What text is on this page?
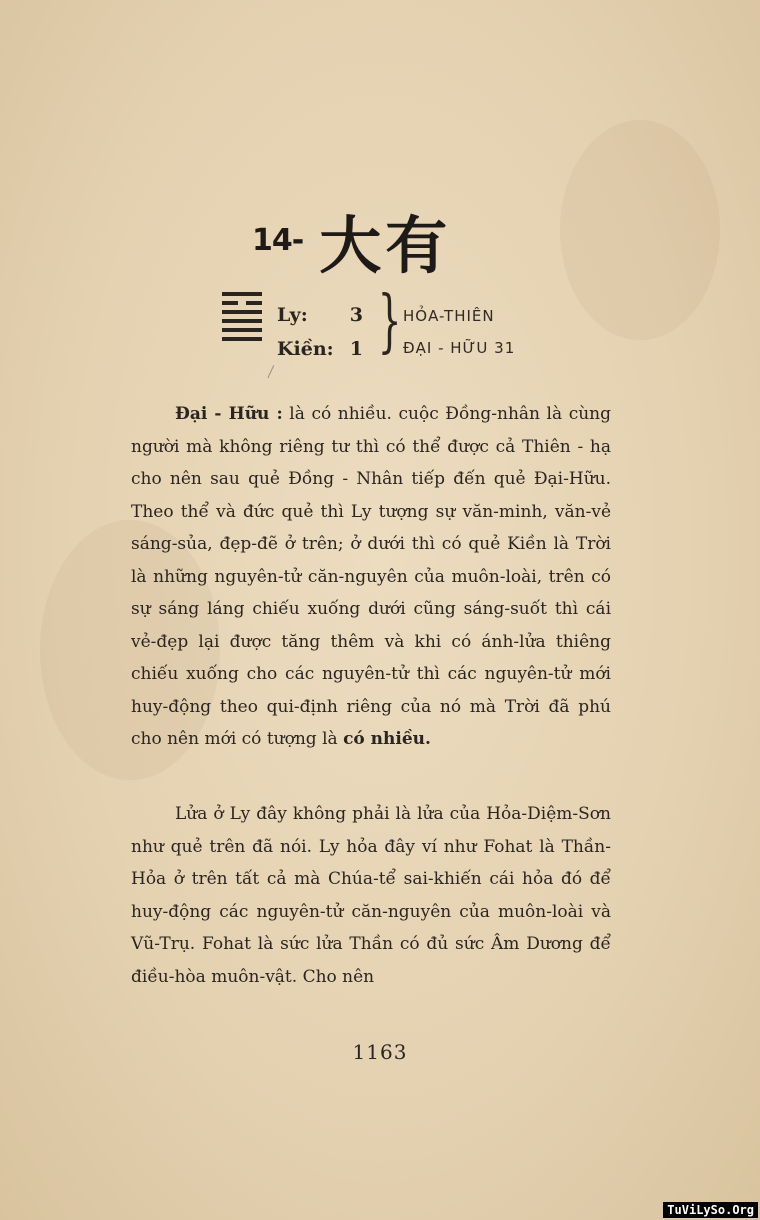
14- 大有
Ly: 3
Kiền: 1 } HỎA-THIÊN
ĐẠI - HỮU 31

Đại - Hữu : là có nhiều. cuộc Đồng-nhân là cùng người mà không riêng tư thì có thể được cả Thiên - hạ cho nên sau quẻ Đồng - Nhân tiếp đến quẻ Đại-Hữu. Theo thể và đức quẻ thì Ly tượng sự văn-minh, văn-vẻ sáng-sủa, đẹp-đẽ ở trên; ở dưới thì có quẻ Kiền là Trời là những nguyên-tử căn-nguyên của muôn-loài, trên có sự sáng láng chiếu xuống dưới cũng sáng-suốt thì cái vẻ-đẹp lại được tăng thêm và khi có ánh-lửa thiêng chiếu xuống cho các nguyên-tử thì các nguyên-tử mới huy-động theo qui-định riêng của nó mà Trời đã phú cho nên mới có tượng là có nhiều.

Lửa ở Ly đây không phải là lửa của Hỏa-Diệm-Sơn như quẻ trên đã nói. Ly hỏa đây ví như Fohat là Thần-Hỏa ở trên tất cả mà Chúa-tể sai-khiến cái hỏa đó để huy-động các nguyên-tử căn-nguyên của muôn-loài và Vũ-Trụ. Fohat là sức lửa Thần có đủ sức Âm Dương để điều-hòa muôn-vật. Cho nên

1163
TuViLySo.Org
